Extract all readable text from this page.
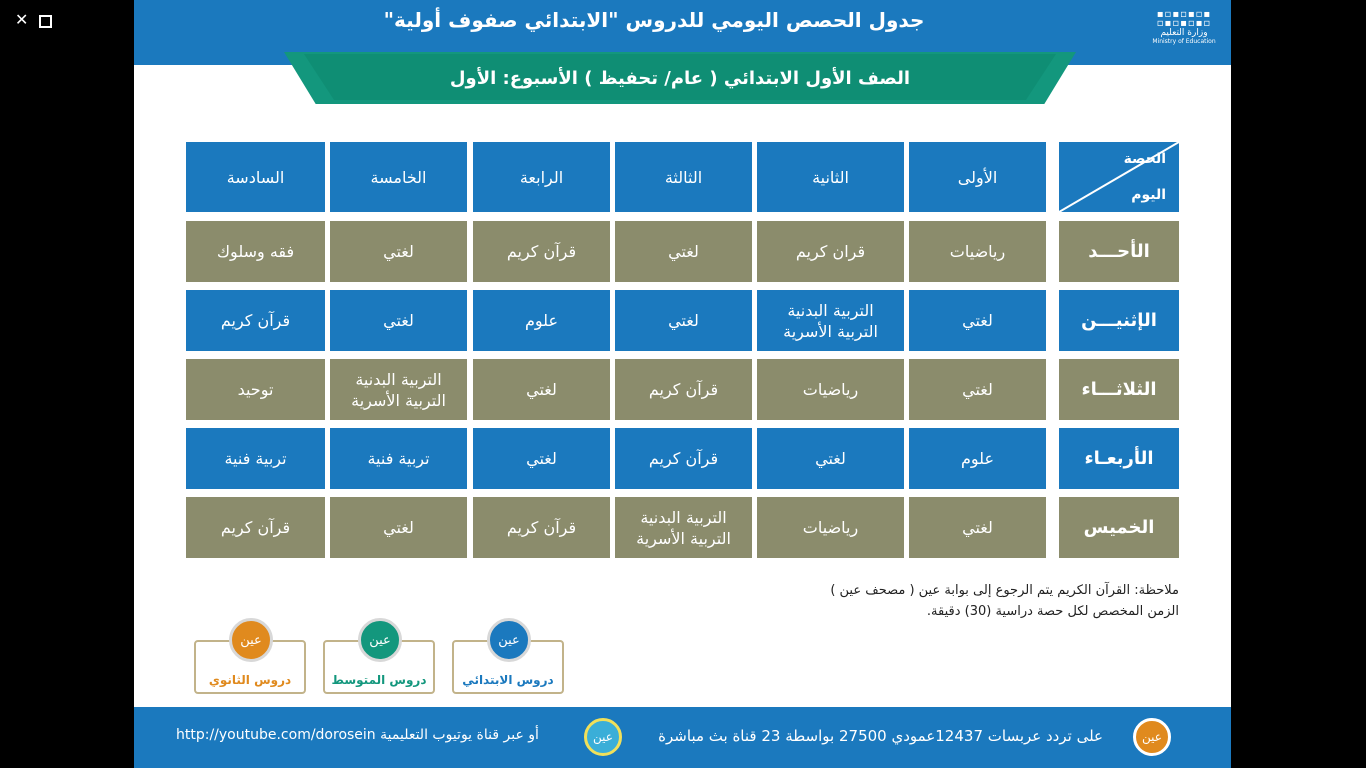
✕	جدول الحصص اليومي للدروس "الابتدائي صفوف أولية"	▪▫▪▫▪▫▪
▫▪▫▪▫▪▫
وزارة التعليم
Ministry of Education
الصف الأول الابتدائي ( عام/ تحفيظ ) الأسبوع: الأول
الحصة
اليوم
الأولى
الثانية
الثالثة
الرابعة
الخامسة
السادسة
الأحـــد
رياضيات
قران كريم
لغتي
قرآن كريم
لغتي
فقه وسلوك
الإثنيـــن
لغتي
التربية البدنية
التربية الأسرية
لغتي
علوم
لغتي
قرآن كريم
الثلاثـــاء
لغتي
رياضيات
قرآن كريم
لغتي
التربية البدنية
التربية الأسرية
توحيد
الأربعـاء
علوم
لغتي
قرآن كريم
لغتي
تربية فنية
تربية فنية
الخميس
لغتي
رياضيات
التربية البدنية
التربية الأسرية
قرآن كريم
لغتي
قرآن كريم
ملاحظة: القرآن الكريم يتم الرجوع إلى بوابة عين ( مصحف عين )
الزمن المخصص لكل حصة دراسية (30) دقيقة.
عين
دروس الابتدائي
عين
دروس المتوسط
عين
دروس الثانوي
عين
على تردد عربسات 12437عمودي 27500 بواسطة 23 قناة بث مباشرة
عين
أو عبر قناة يوتيوب التعليمية http://youtube.com/dorosein
